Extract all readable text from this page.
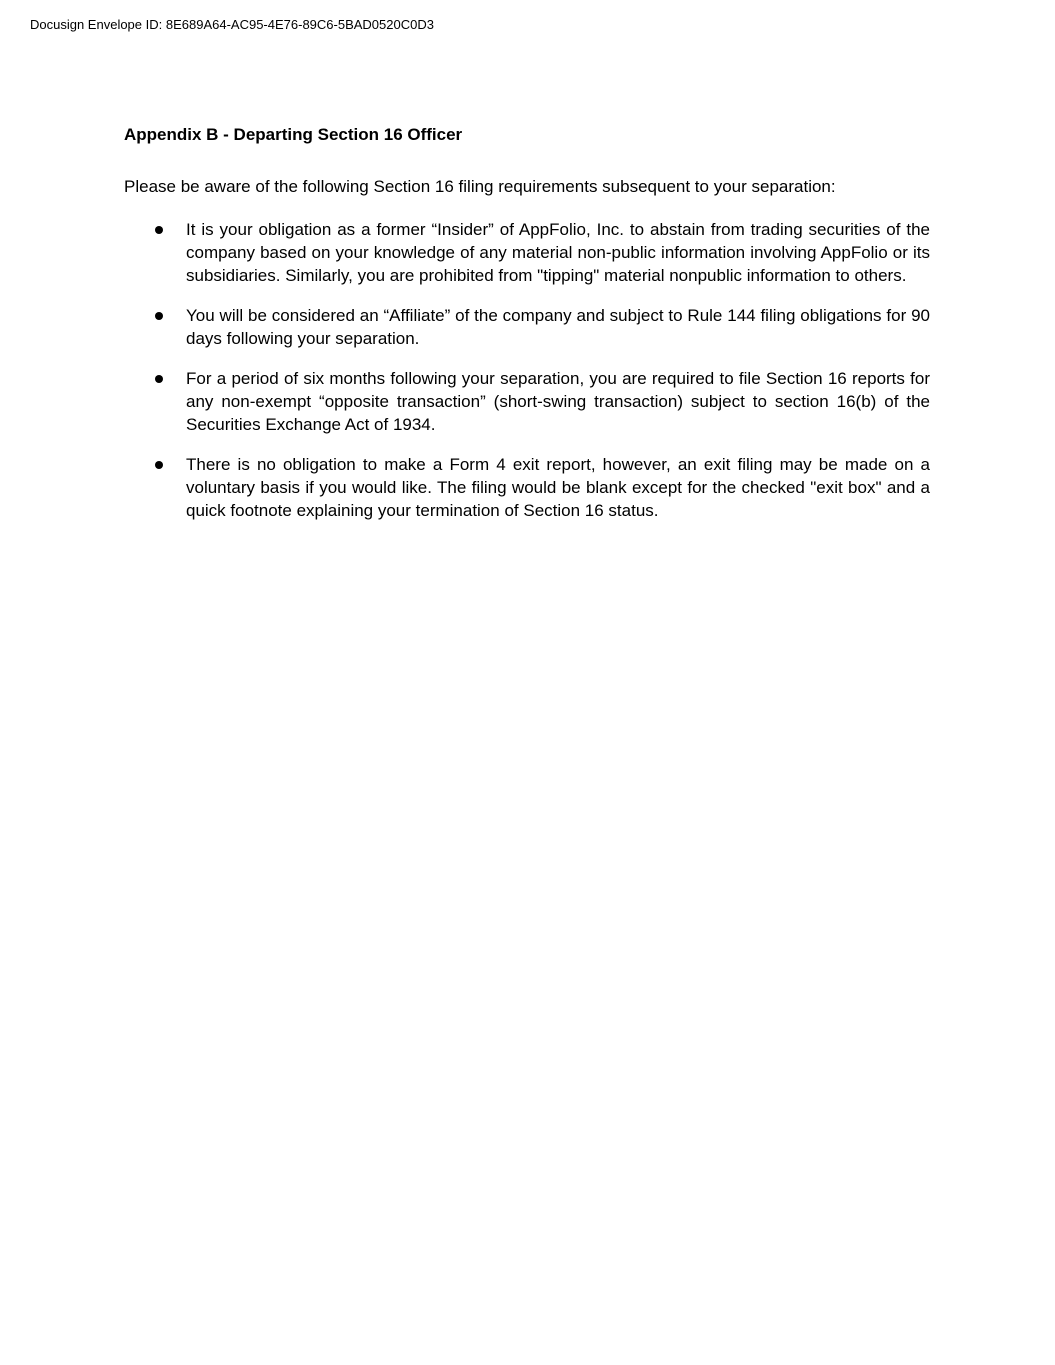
Docusign Envelope ID: 8E689A64-AC95-4E76-89C6-5BAD0520C0D3

Appendix B - Departing Section 16 Officer

Please be aware of the following Section 16 filing requirements subsequent to your separation:

It is your obligation as a former “Insider” of AppFolio, Inc. to abstain from trading securities of the company based on your knowledge of any material non-public information involving AppFolio or its subsidiaries. Similarly, you are prohibited from "tipping" material nonpublic information to others.
You will be considered an “Affiliate” of the company and subject to Rule 144 filing obligations for 90 days following your separation.
For a period of six months following your separation, you are required to file Section 16 reports for any non-exempt “opposite transaction” (short-swing transaction) subject to section 16(b) of the Securities Exchange Act of 1934.
There is no obligation to make a Form 4 exit report, however, an exit filing may be made on a voluntary basis if you would like. The filing would be blank except for the checked "exit box" and a quick footnote explaining your termination of Section 16 status.
